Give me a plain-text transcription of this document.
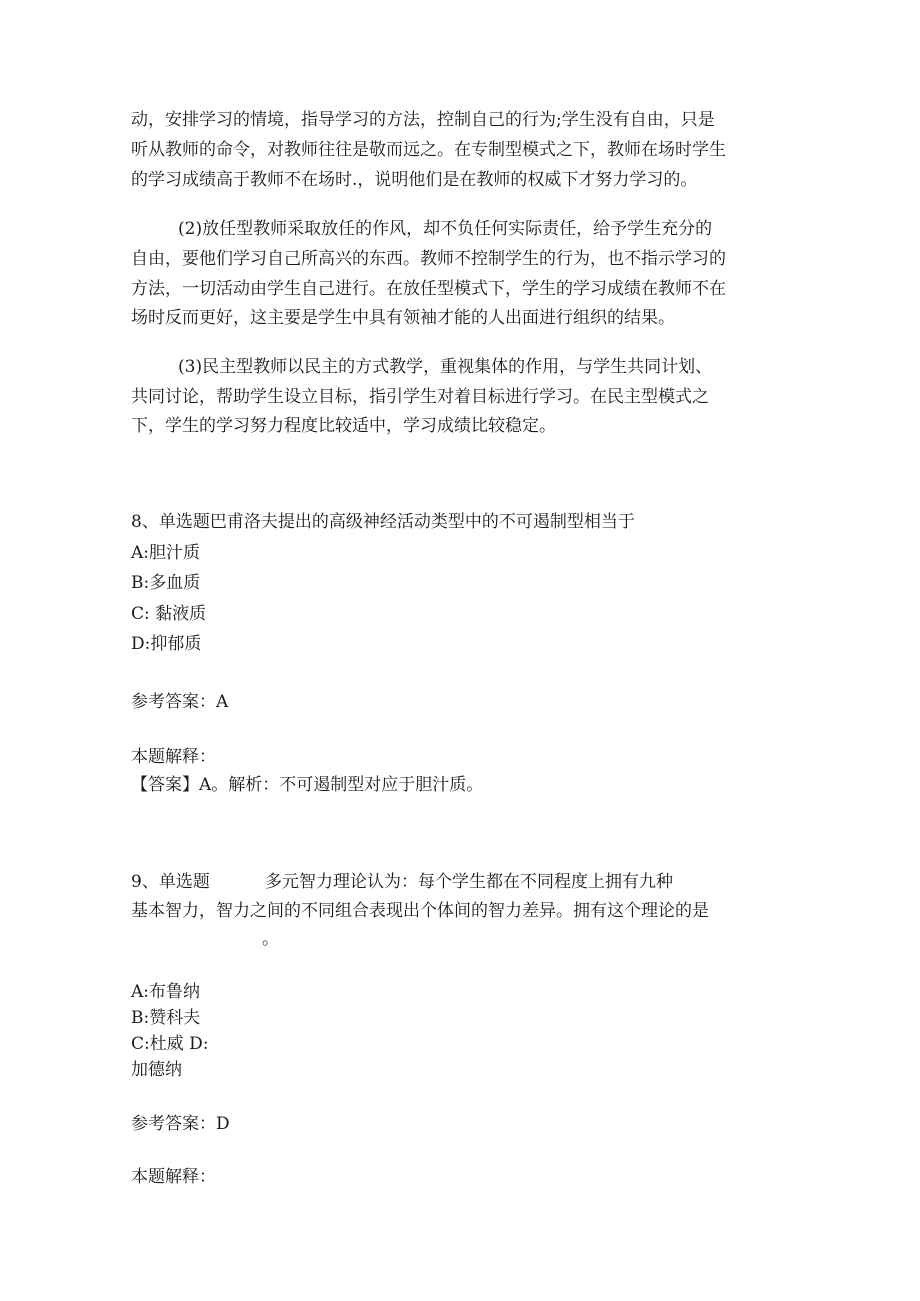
动，安排学习的情境，指导学习的方法，控制自己的行为;学生没有自由，只是
听从教师的命令，对教师往往是敬而远之。在专制型模式之下，教师在场时学生
的学习成绩高于教师不在场时.，说明他们是在教师的权威下才努力学习的。
(2)放任型教师采取放任的作风，却不负任何实际责任，给予学生充分的
自由，要他们学习自己所高兴的东西。教师不控制学生的行为，也不指示学习的
方法，一切活动由学生自己进行。在放任型模式下，学生的学习成绩在教师不在
场时反而更好，这主要是学生中具有领袖才能的人出面进行组织的结果。
(3)民主型教师以民主的方式教学，重视集体的作用，与学生共同计划、
共同讨论，帮助学生设立目标，指引学生对着目标进行学习。在民主型模式之
下，学生的学习努力程度比较适中，学习成绩比较稳定。
8、单选题巴甫洛夫提出的高级神经活动类型中的不可遏制型相当于
A:胆汁质
B:多血质
C: 黏液质
D:抑郁质
参考答案：A
本题解释：
【答案】A。解析：不可遏制型对应于胆汁质。
9、单选题	多元智力理论认为：每个学生都在不同程度上拥有九种
基本智力，智力之间的不同组合表现出个体间的智力差异。拥有这个理论的是
。
A:布鲁纳
B:赞科夫
C:杜威 D:
加德纳
参考答案：D
本题解释：
